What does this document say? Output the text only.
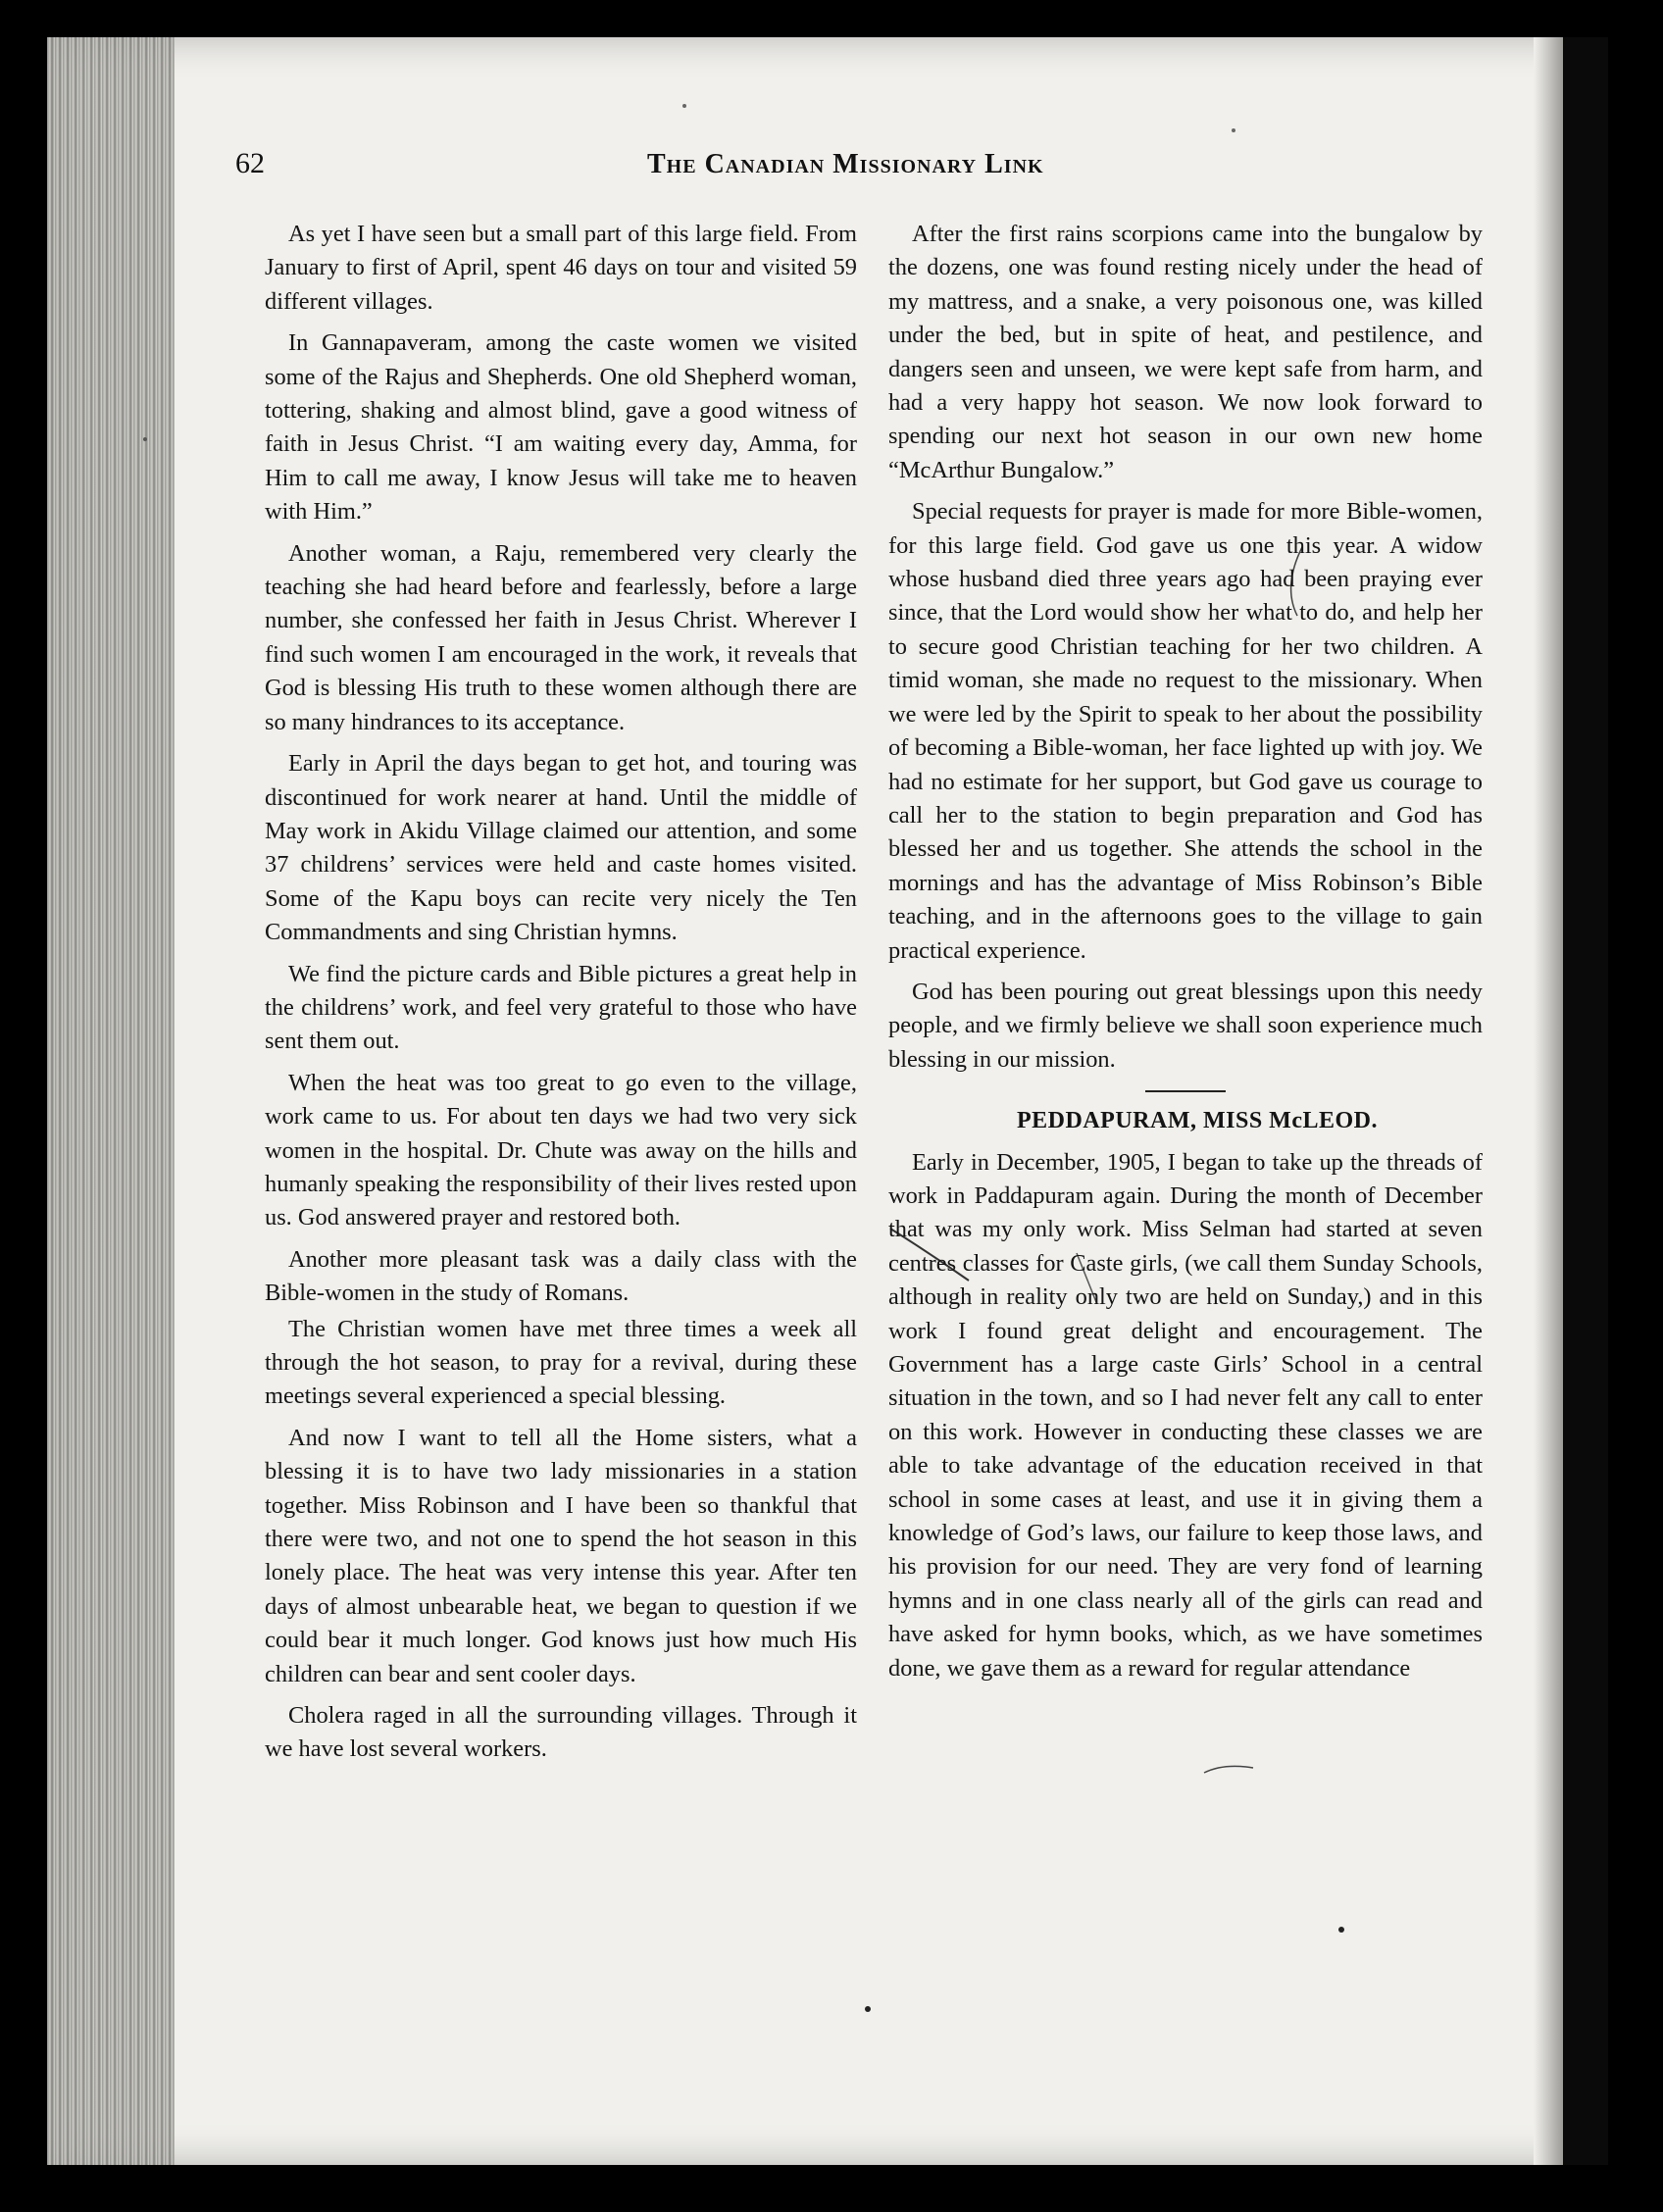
62	The Canadian Missionary Link

As yet I have seen but a small part of this large field. From January to first of April, spent 46 days on tour and visited 59 different villages.

In Gannapaveram, among the caste women we visited some of the Rajus and Shepherds. One old Shepherd woman, tottering, shaking and almost blind, gave a good witness of faith in Jesus Christ. “I am waiting every day, Amma, for Him to call me away, I know Jesus will take me to heaven with Him.”

Another woman, a Raju, remembered very clearly the teaching she had heard before and fearlessly, before a large number, she confessed her faith in Jesus Christ. Wherever I find such women I am encouraged in the work, it reveals that God is blessing His truth to these women although there are so many hindrances to its acceptance.

Early in April the days began to get hot, and touring was discontinued for work nearer at hand. Until the middle of May work in Akidu Village claimed our attention, and some 37 childrens’ services were held and caste homes visited. Some of the Kapu boys can recite very nicely the Ten Commandments and sing Christian hymns.

We find the picture cards and Bible pictures a great help in the childrens’ work, and feel very grateful to those who have sent them out.

When the heat was too great to go even to the village, work came to us. For about ten days we had two very sick women in the hospital. Dr. Chute was away on the hills and humanly speaking the responsibility of their lives rested upon us. God answered prayer and restored both.

Another more pleasant task was a daily class with the Bible-women in the study of Romans.

The Christian women have met three times a week all through the hot season, to pray for a revival, during these meetings several experienced a special blessing.

And now I want to tell all the Home sisters, what a blessing it is to have two lady missionaries in a station together. Miss Robinson and I have been so thankful that there were two, and not one to spend the hot season in this lonely place. The heat was very intense this year. After ten days of almost unbearable heat, we began to question if we could bear it much longer. God knows just how much His children can bear and sent cooler days.

Cholera raged in all the surrounding villages. Through it we have lost several workers.

After the first rains scorpions came into the bungalow by the dozens, one was found resting nicely under the head of my mattress, and a snake, a very poisonous one, was killed under the bed, but in spite of heat, and pestilence, and dangers seen and unseen, we were kept safe from harm, and had a very happy hot season. We now look forward to spending our next hot season in our own new home “McArthur Bungalow.”

Special requests for prayer is made for more Bible-women, for this large field. God gave us one this year. A widow whose husband died three years ago had been praying ever since, that the Lord would show her what to do, and help her to secure good Christian teaching for her two children. A timid woman, she made no request to the missionary. When we were led by the Spirit to speak to her about the possibility of becoming a Bible-woman, her face lighted up with joy. We had no estimate for her support, but God gave us courage to call her to the station to begin preparation and God has blessed her and us together. She attends the school in the mornings and has the advantage of Miss Robinson’s Bible teaching, and in the afternoons goes to the village to gain practical experience.

God has been pouring out great blessings upon this needy people, and we firmly believe we shall soon experience much blessing in our mission.

PEDDAPURAM, MISS McLEOD.

Early in December, 1905, I began to take up the threads of work in Paddapuram again. During the month of December that was my only work. Miss Selman had started at seven centres classes for Caste girls, (we call them Sunday Schools, although in reality only two are held on Sunday,) and in this work I found great delight and encouragement. The Government has a large caste Girls’ School in a central situation in the town, and so I had never felt any call to enter on this work. However in conducting these classes we are able to take advantage of the education received in that school in some cases at least, and use it in giving them a knowledge of God’s laws, our failure to keep those laws, and his provision for our need. They are very fond of learning hymns and in one class nearly all of the girls can read and have asked for hymn books, which, as we have sometimes done, we gave them as a reward for regular attendance
